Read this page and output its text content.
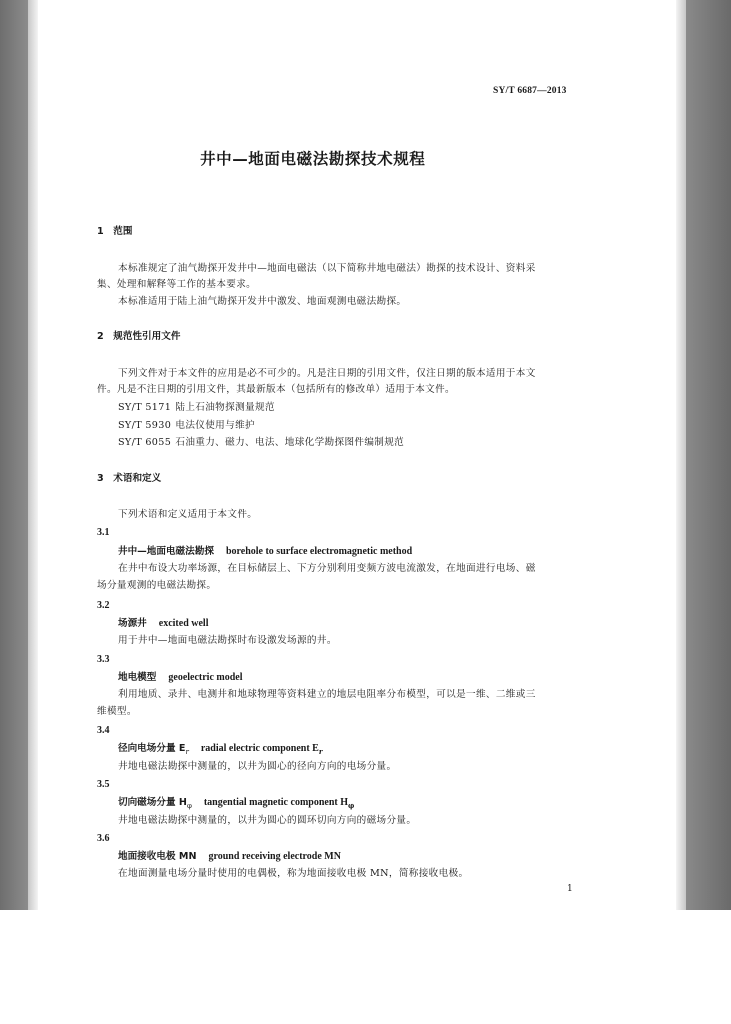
SY/T 6687—2013
井中—地面电磁法勘探技术规程
1　范围
本标准规定了油气勘探开发井中—地面电磁法（以下简称井地电磁法）勘探的技术设计、资料采
集、处理和解释等工作的基本要求。
本标准适用于陆上油气勘探开发井中激发、地面观测电磁法勘探。
2　规范性引用文件
下列文件对于本文件的应用是必不可少的。凡是注日期的引用文件，仅注日期的版本适用于本文
件。凡是不注日期的引用文件，其最新版本（包括所有的修改单）适用于本文件。
SY/T 5171 陆上石油物探测量规范
SY/T 5930 电法仪使用与维护
SY/T 6055 石油重力、磁力、电法、地球化学勘探图件编制规范
3　术语和定义
下列术语和定义适用于本文件。
3.1
井中—地面电磁法勘探 borehole to surface electromagnetic method
在井中布设大功率场源，在目标储层上、下方分别利用变频方波电流激发，在地面进行电场、磁
场分量观测的电磁法勘探。
3.2
场源井 excited well
用于井中—地面电磁法勘探时布设激发场源的井。
3.3
地电模型 geoelectric model
利用地质、录井、电测井和地球物理等资料建立的地层电阻率分布模型，可以是一维、二维或三
维模型。
3.4
径向电场分量 $E_r$ radial electric component $E_r$
井地电磁法勘探中测量的，以井为圆心的径向方向的电场分量。
3.5
切向磁场分量 $H_\varphi$ tangential magnetic component $H_\varphi$
井地电磁法勘探中测量的，以井为圆心的圆环切向方向的磁场分量。
3.6
地面接收电极 MN ground receiving electrode MN
在地面测量电场分量时使用的电偶极，称为地面接收电极 MN，简称接收电极。
1
